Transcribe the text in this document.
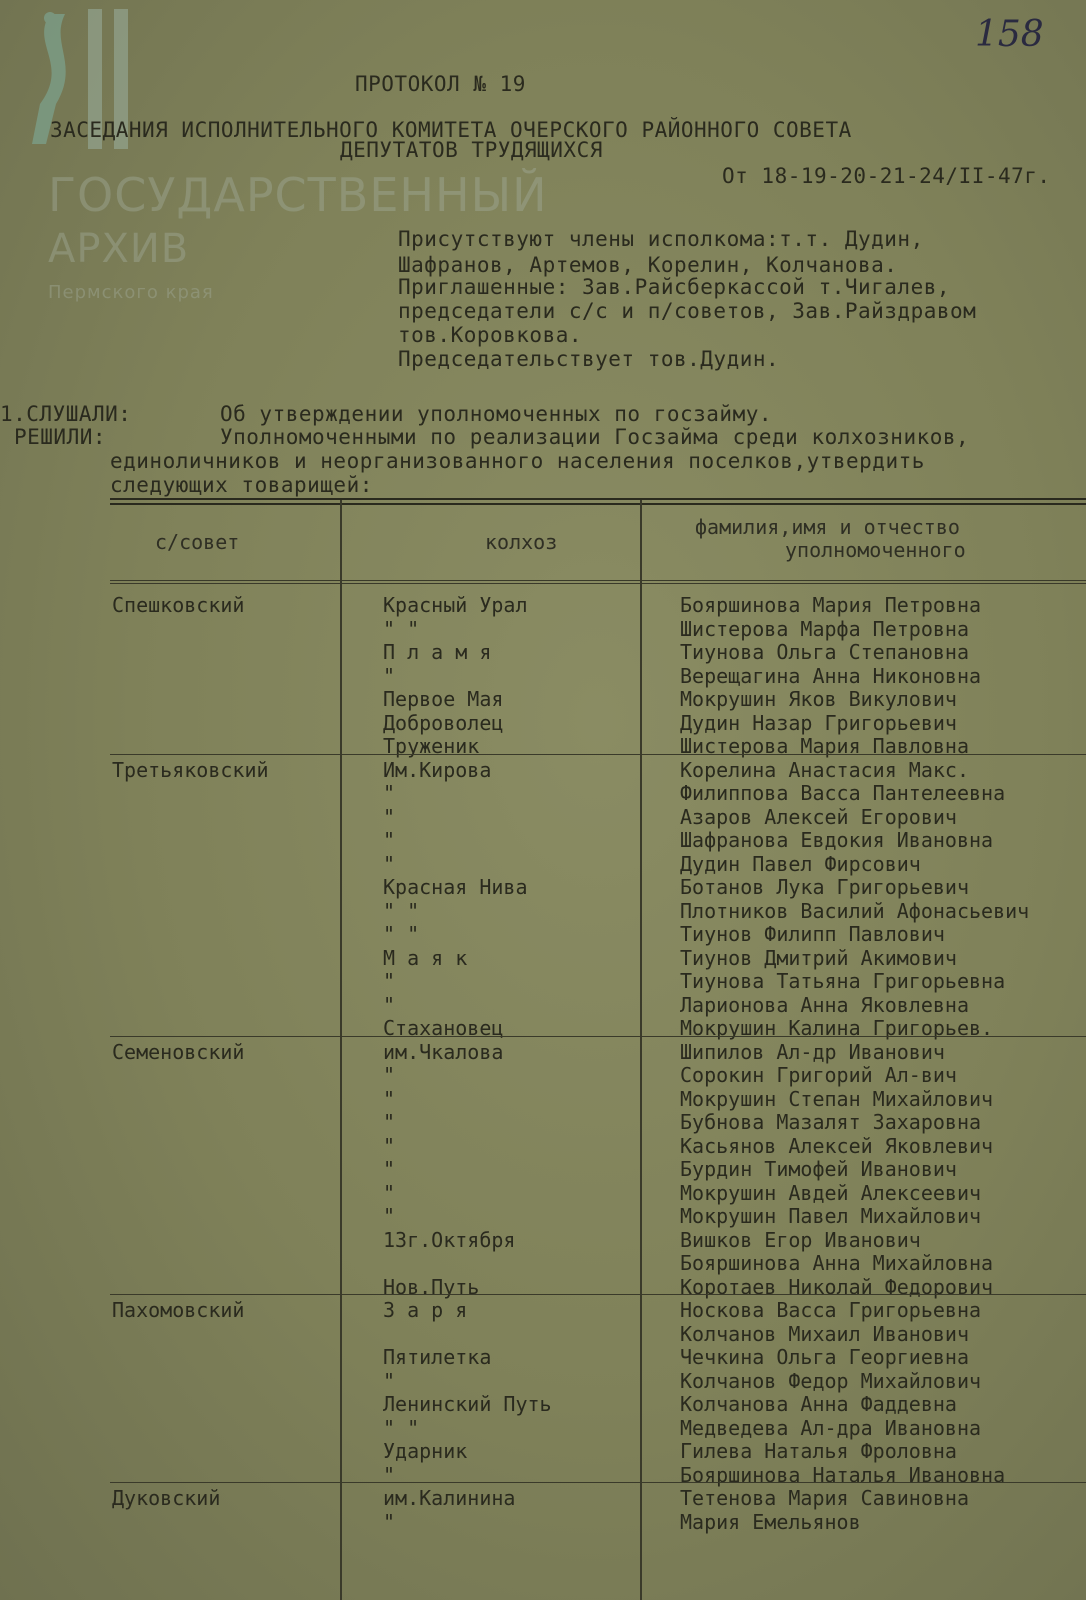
ГОСУДАРСТВЕННЫЙ
АРХИВ
Пермского края
158
ПРОТОКОЛ № 19
ЗАСЕДАНИЯ ИСПОЛНИТЕЛЬНОГО КОМИТЕТА ОЧЕРСКОГО РАЙОННОГО СОВЕТА
ДЕПУТАТОВ ТРУДЯЩИХСЯ
От 18-19-20-21-24/II-47г.
Присутствуют члены исполкома:т.т. Дудин,
Шафранов, Артемов, Корелин, Колчанова.
Приглашенные: Зав.Райсберкассой т.Чигалев,
председатели с/с и п/советов, Зав.Райздравом
тов.Коровкова.
Председательствует тов.Дудин.
1.СЛУШАЛИ:	Об утверждении уполномоченных по госзайму.
РЕШИЛИ:	Уполномоченными по реализации Госзайма среди колхозников,
единоличников и неорганизованного населения поселков,утвердить
следующих товарищей:
с/совет	колхоз
фамилия,имя и отчество
уполномоченного
Спешковский	Красный Урал	Бояршинова Мария Петровна
" "	Шистерова Марфа Петровна
П л а м я	Тиунова Ольга Степановна
"	Верещагина Анна Никоновна
Первое Мая	Мокрушин Яков Викулович
Доброволец	Дудин Назар Григорьевич
Труженик	Шистерова Мария Павловна
Третьяковский	Им.Кирова	Корелина Анастасия Макс.
"	Филиппова Васса Пантелеевна
"	Азаров Алексей Егорович
"	Шафранова Евдокия Ивановна
"	Дудин Павел Фирсович
Красная Нива	Ботанов Лука Григорьевич
" "	Плотников Василий Афонасьевич
" "	Тиунов Филипп Павлович
М а я к	Тиунов Дмитрий Акимович
"	Тиунова Татьяна Григорьевна
"	Ларионова Анна Яковлевна
Стахановец	Мокрушин Калина Григорьев.
Семеновский	им.Чкалова	Шипилов Ал-др Иванович
"	Сорокин Григорий Ал-вич
"	Мокрушин Степан Михайлович
"	Бубнова Мазалят Захаровна
"	Касьянов Алексей Яковлевич
"	Бурдин Тимофей Иванович
"	Мокрушин Авдей Алексеевич
"	Мокрушин Павел Михайлович
13г.Октября	Вишков Егор Иванович
Бояршинова Анна Михайловна
Нов.Путь	Коротаев Николай Федорович
Пахомовский	З а р я	Носкова Васса Григорьевна
Колчанов Михаил Иванович
Пятилетка	Чечкина Ольга Георгиевна
"	Колчанов Федор Михайлович
Ленинский Путь	Колчанова Анна Фаддевна
" "	Медведева Ал-дра Ивановна
Ударник	Гилева Наталья Фроловна
"	Бояршинова Наталья Ивановна
Дуковский	им.Калинина	Тетенова Мария Савиновна
"	Мария Емельянов
